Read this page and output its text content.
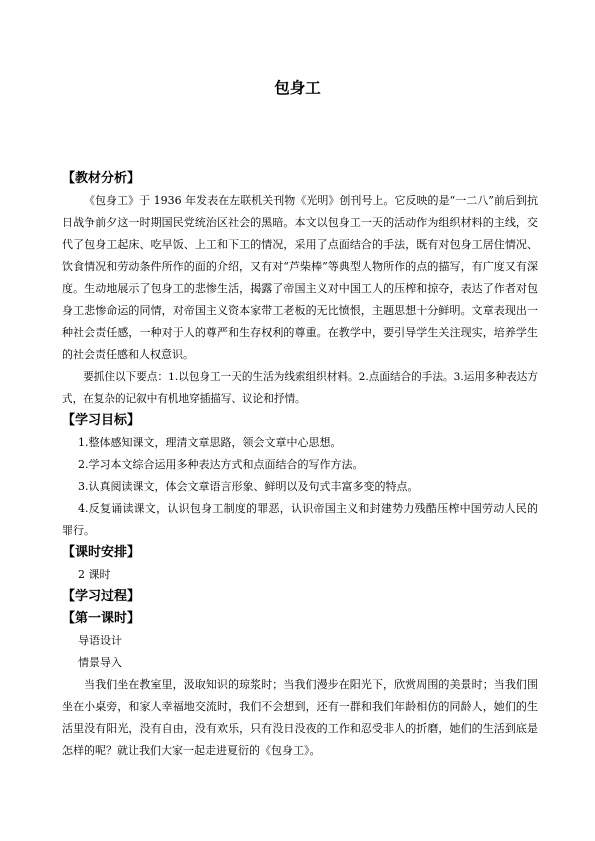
包身工
【教材分析】

《包身工》于 1936 年发表在左联机关刊物《光明》创刊号上。它反映的是“一二八”前后到抗日战争前夕这一时期国民党统治区社会的黑暗。本文以包身工一天的活动作为组织材料的主线，交代了包身工起床、吃早饭、上工和下工的情况，采用了点面结合的手法，既有对包身工居住情况、饮食情况和劳动条件所作的面的介绍，又有对“芦柴棒”等典型人物所作的点的描写，有广度又有深度。生动地展示了包身工的悲惨生活，揭露了帝国主义对中国工人的压榨和掠夺，表达了作者对包身工悲惨命运的同情，对帝国主义资本家带工老板的无比愤恨，主题思想十分鲜明。文章表现出一种社会责任感，一种对于人的尊严和生存权利的尊重。在教学中，要引导学生关注现实，培养学生的社会责任感和人权意识。

要抓住以下要点：1.以包身工一天的生活为线索组织材料。2.点面结合的手法。3.运用多种表达方式，在复杂的记叙中有机地穿插描写、议论和抒情。

【学习目标】

1.整体感知课文，理清文章思路，领会文章中心思想。

2.学习本文综合运用多种表达方式和点面结合的写作方法。

3.认真阅读课文，体会文章语言形象、鲜明以及句式丰富多变的特点。

4.反复诵读课文，认识包身工制度的罪恶，认识帝国主义和封建势力残酷压榨中国劳动人民的罪行。

【课时安排】

2 课时

【学习过程】
【第一课时】

导语设计

情景导入

当我们坐在教室里，汲取知识的琼浆时；当我们漫步在阳光下，欣赏周围的美景时；当我们围坐在小桌旁，和家人幸福地交流时，我们不会想到，还有一群和我们年龄相仿的同龄人，她们的生活里没有阳光，没有自由，没有欢乐，只有没日没夜的工作和忍受非人的折磨，她们的生活到底是怎样的呢？就让我们大家一起走进夏衍的《包身工》。
